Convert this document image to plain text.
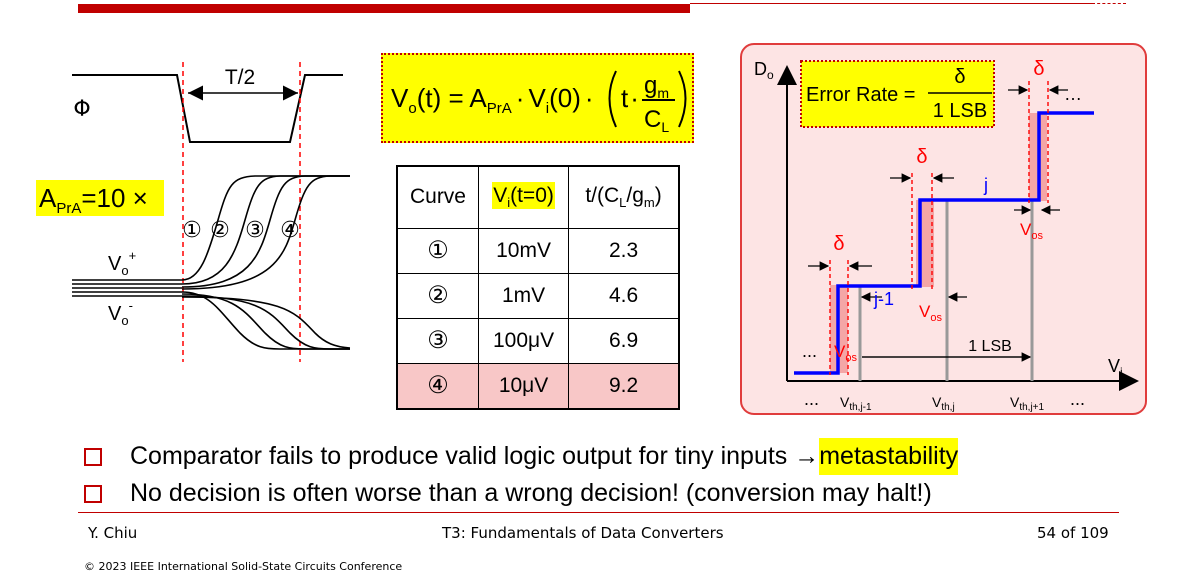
T/2
Φ
① ② ③ ④
$V_o^+$
$V_o^-$
$A_{PrA}=10$ ×
$V_o(t) = A_{PrA} \cdot V_i(0) \cdot t\cdot g_m$
$C_L$
Curve	$V_i(t=0)$	$t/(C_L/g_m)$
①	10mV	2.3
②	1mV	4.6
③	100μV	6.9
④	10μV	9.2
$D_o$
$V_i$
δ
δ
δ
j
j-1
$V_{os}$
$V_{os}$
$V_{os}$
1 LSB
...
…
...	...
$V_{th,j-1}$	$V_{th,j}$	$V_{th,j+1}$
Error Rate =
δ
1 LSB
Comparator fails to produce valid logic output for tiny inputs → metastability
No decision is often worse than a wrong decision! (conversion may halt!)
Y. Chiu	T3: Fundamentals of Data Converters	54 of 109
© 2023 IEEE International Solid-State Circuits Conference
